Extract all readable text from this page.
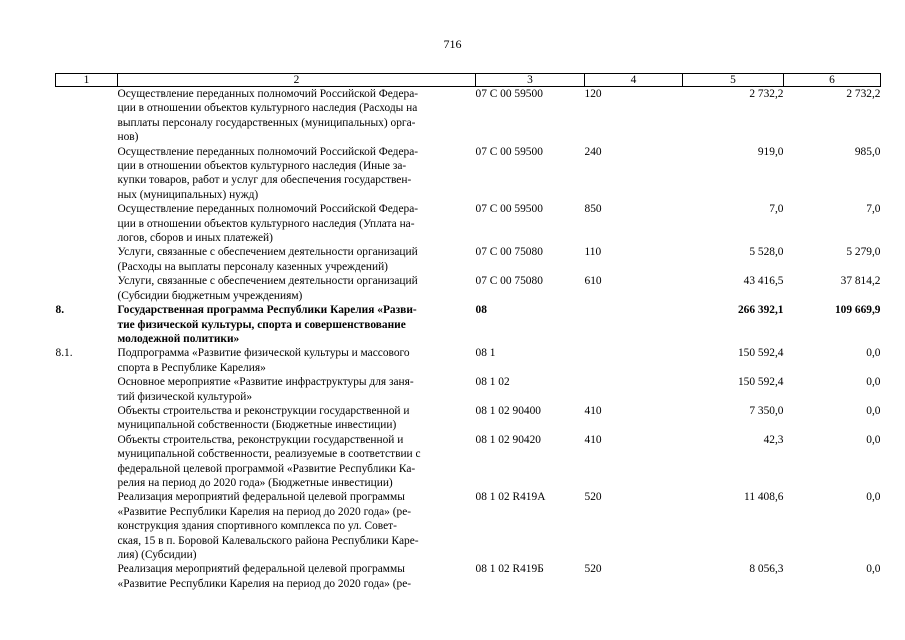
716
1	2	3	4	5	6

	Осуществление переданных полномочий Российской Федера-
ции в отношении объектов культурного наследия (Расходы на
выплаты персоналу государственных (муниципальных) орга-
нов)	07 С 00 59500	120	2 732,2	2 732,2

	Осуществление переданных полномочий Российской Федера-
ции в отношении объектов культурного наследия (Иные за-
купки товаров, работ и услуг для обеспечения государствен-
ных (муниципальных) нужд)	07 С 00 59500	240	919,0	985,0

	Осуществление переданных полномочий Российской Федера-
ции в отношении объектов культурного наследия (Уплата на-
логов, сборов и иных платежей)	07 С 00 59500	850	7,0	7,0

	Услуги, связанные с обеспечением деятельности организаций
(Расходы на выплаты персоналу казенных учреждений)	07 С 00 75080	110	5 528,0	5 279,0

	Услуги, связанные с обеспечением деятельности организаций
(Субсидии бюджетным учреждениям)	07 С 00 75080	610	43 416,5	37 814,2
8.	Государственная программа Республики Карелия «Разви-
тие физической культуры, спорта и совершенствование
молодежной политики»	08		266 392,1	109 669,9
8.1.	Подпрограмма «Развитие физической культуры и массового
спорта в Республике Карелия»	08 1		150 592,4	0,0

	Основное мероприятие «Развитие инфраструктуры для заня-
тий физической культурой»	08 1 02		150 592,4	0,0

	Объекты строительства и реконструкции государственной и
муниципальной собственности (Бюджетные инвестиции)	08 1 02 90400	410	7 350,0	0,0

	Объекты строительства, реконструкции государственной и
муниципальной собственности, реализуемые в соответствии с
федеральной целевой программой «Развитие Республики Ка-
релия на период до 2020 года» (Бюджетные инвестиции)	08 1 02 90420	410	42,3	0,0

	Реализация мероприятий федеральной целевой программы
«Развитие Республики Карелия на период до 2020 года» (ре-
конструкция здания спортивного комплекса по ул. Совет-
ская, 15 в п. Боровой Калевальского района Республики Каре-
лия) (Субсидии)	08 1 02 R419А	520	11 408,6	0,0

	Реализация мероприятий федеральной целевой программы
«Развитие Республики Карелия на период до 2020 года» (ре-	08 1 02 R419Б	520	8 056,3	0,0
